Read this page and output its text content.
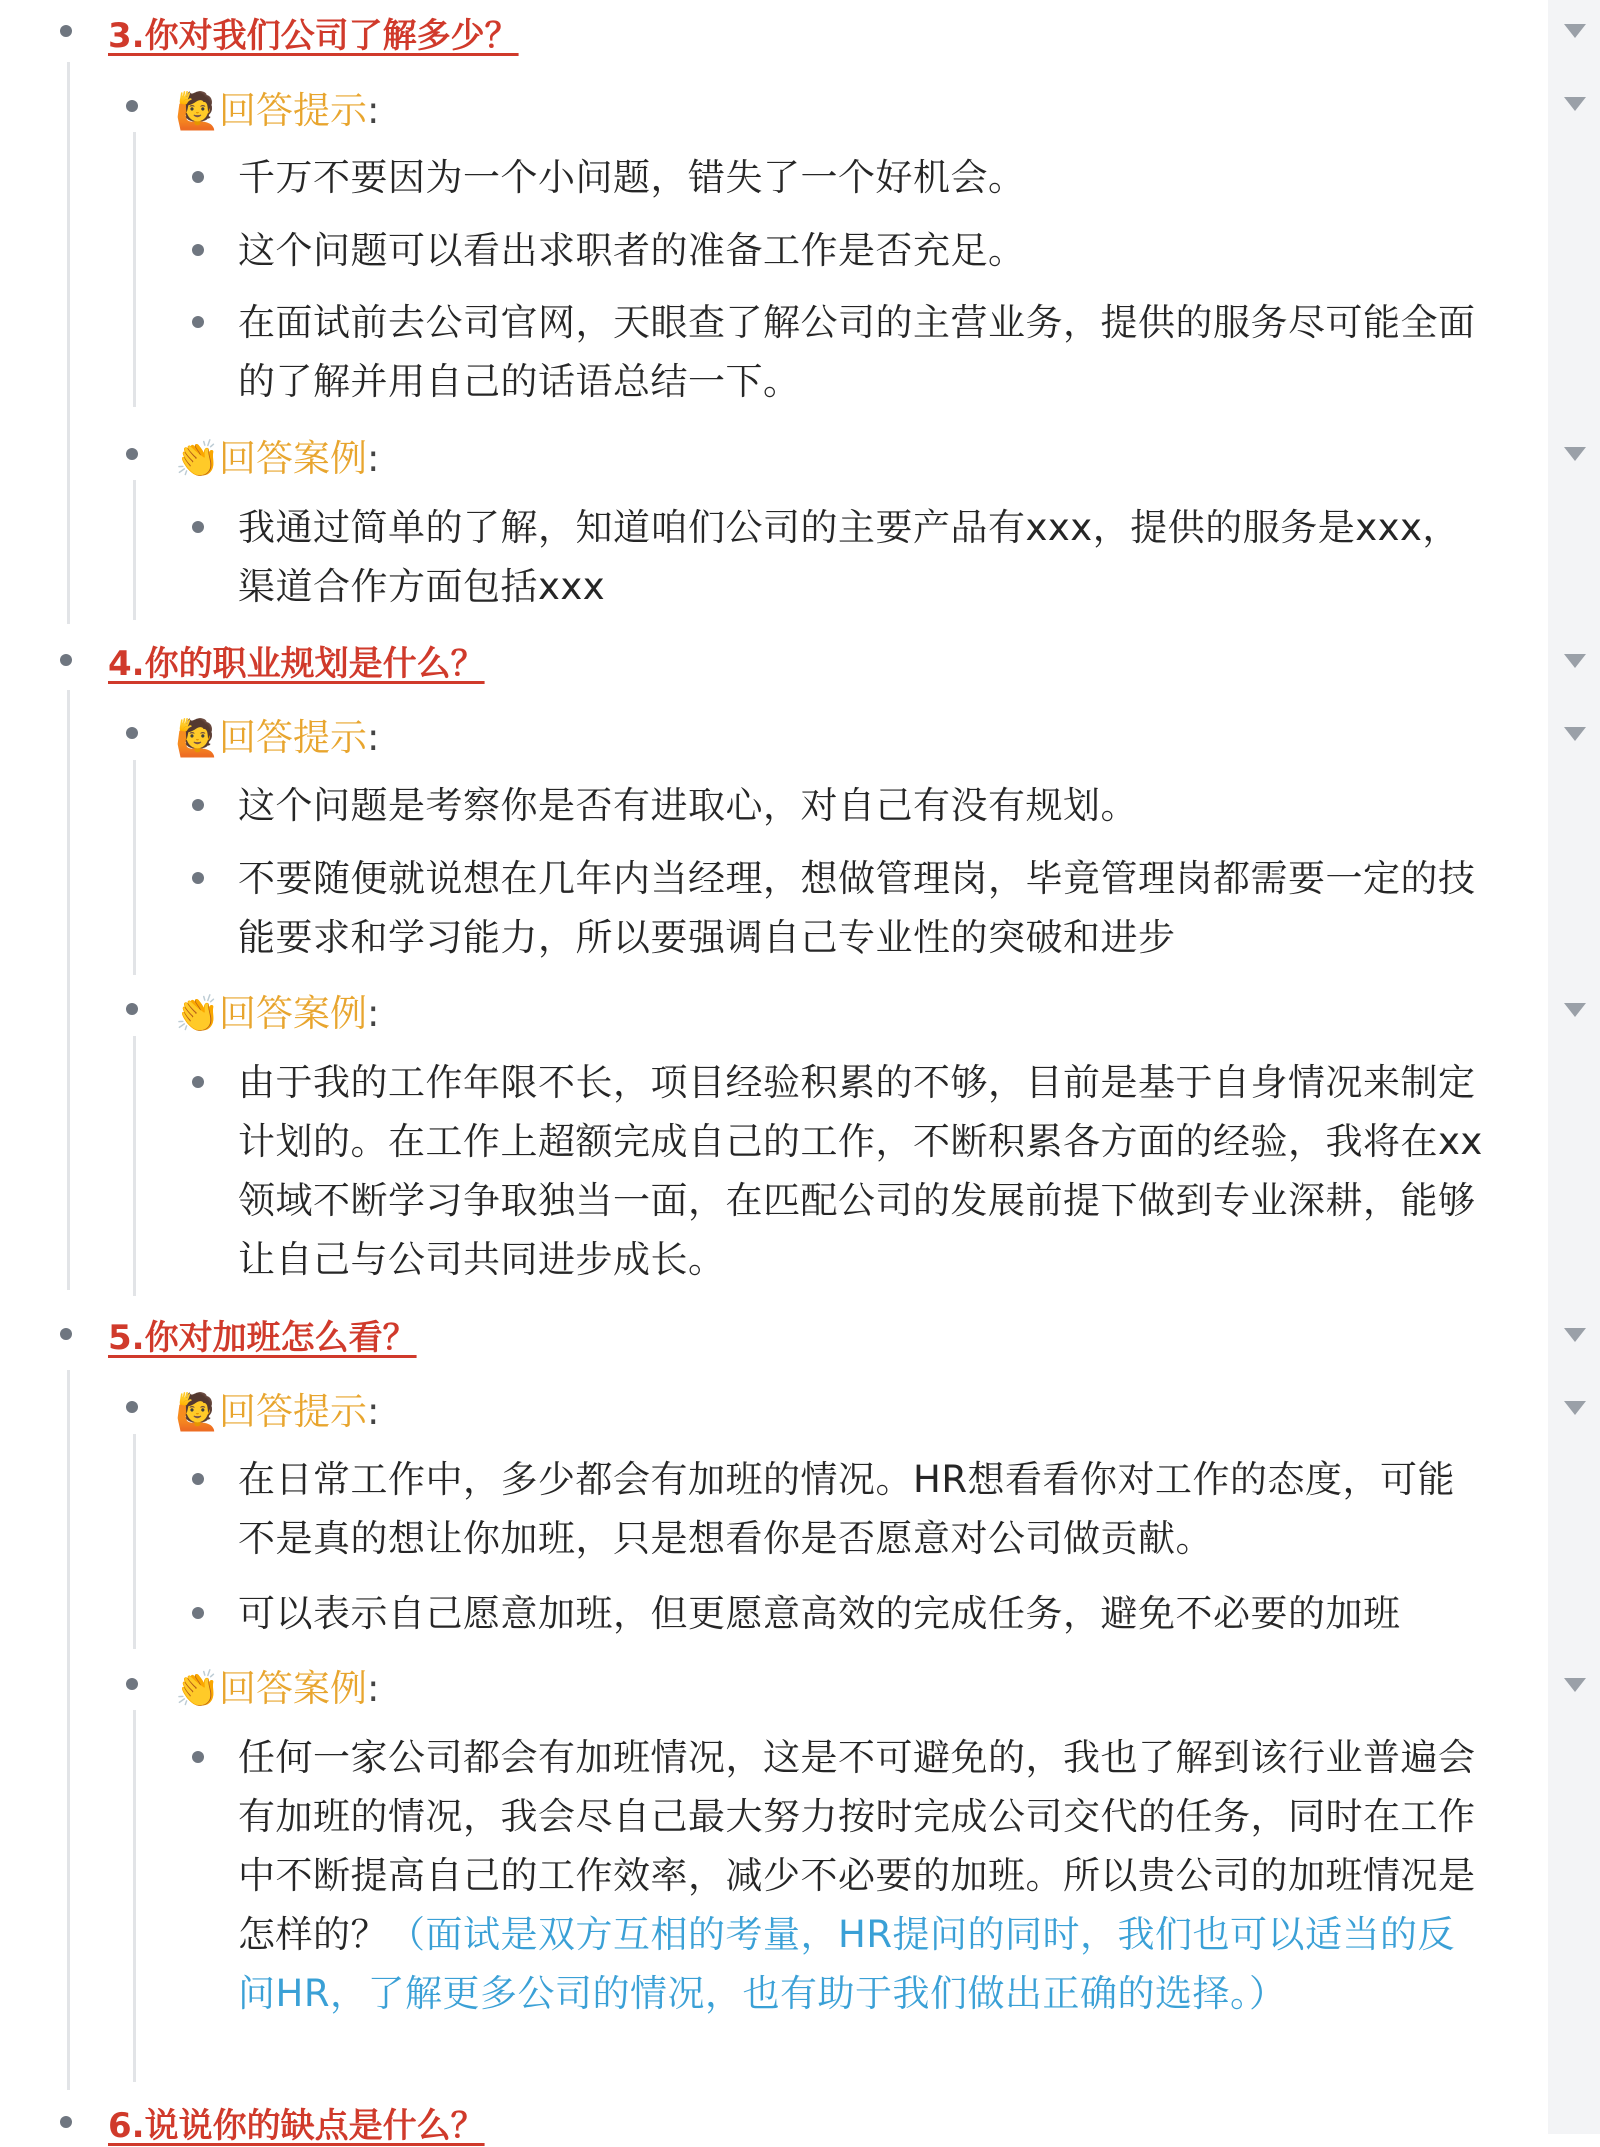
3.你对我们公司了解多少？
🙋回答提示:
千万不要因为一个小问题，错失了一个好机会。
这个问题可以看出求职者的准备工作是否充足。
在面试前去公司官网，天眼查了解公司的主营业务，提供的服务尽可能全面的了解并用自己的话语总结一下。
👏回答案例:
我通过简单的了解，知道咱们公司的主要产品有xxx，提供的服务是xxx，渠道合作方面包括xxx
4.你的职业规划是什么？
🙋回答提示:
这个问题是考察你是否有进取心，对自己有没有规划。
不要随便就说想在几年内当经理，想做管理岗，毕竟管理岗都需要一定的技能要求和学习能力，所以要强调自己专业性的突破和进步
👏回答案例:
由于我的工作年限不长，项目经验积累的不够，目前是基于自身情况来制定计划的。在工作上超额完成自己的工作，不断积累各方面的经验，我将在xx领域不断学习争取独当一面，在匹配公司的发展前提下做到专业深耕，能够让自己与公司共同进步成长。
5.你对加班怎么看？
🙋回答提示:
在日常工作中，多少都会有加班的情况。HR想看看你对工作的态度，可能不是真的想让你加班，只是想看你是否愿意对公司做贡献。
可以表示自己愿意加班，但更愿意高效的完成任务，避免不必要的加班
👏回答案例:
任何一家公司都会有加班情况，这是不可避免的，我也了解到该行业普遍会有加班的情况，我会尽自己最大努力按时完成公司交代的任务，同时在工作中不断提高自己的工作效率，减少不必要的加班。所以贵公司的加班情况是怎样的？（面试是双方互相的考量，HR提问的同时，我们也可以适当的反问HR，了解更多公司的情况，也有助于我们做出正确的选择。）
6.说说你的缺点是什么？
